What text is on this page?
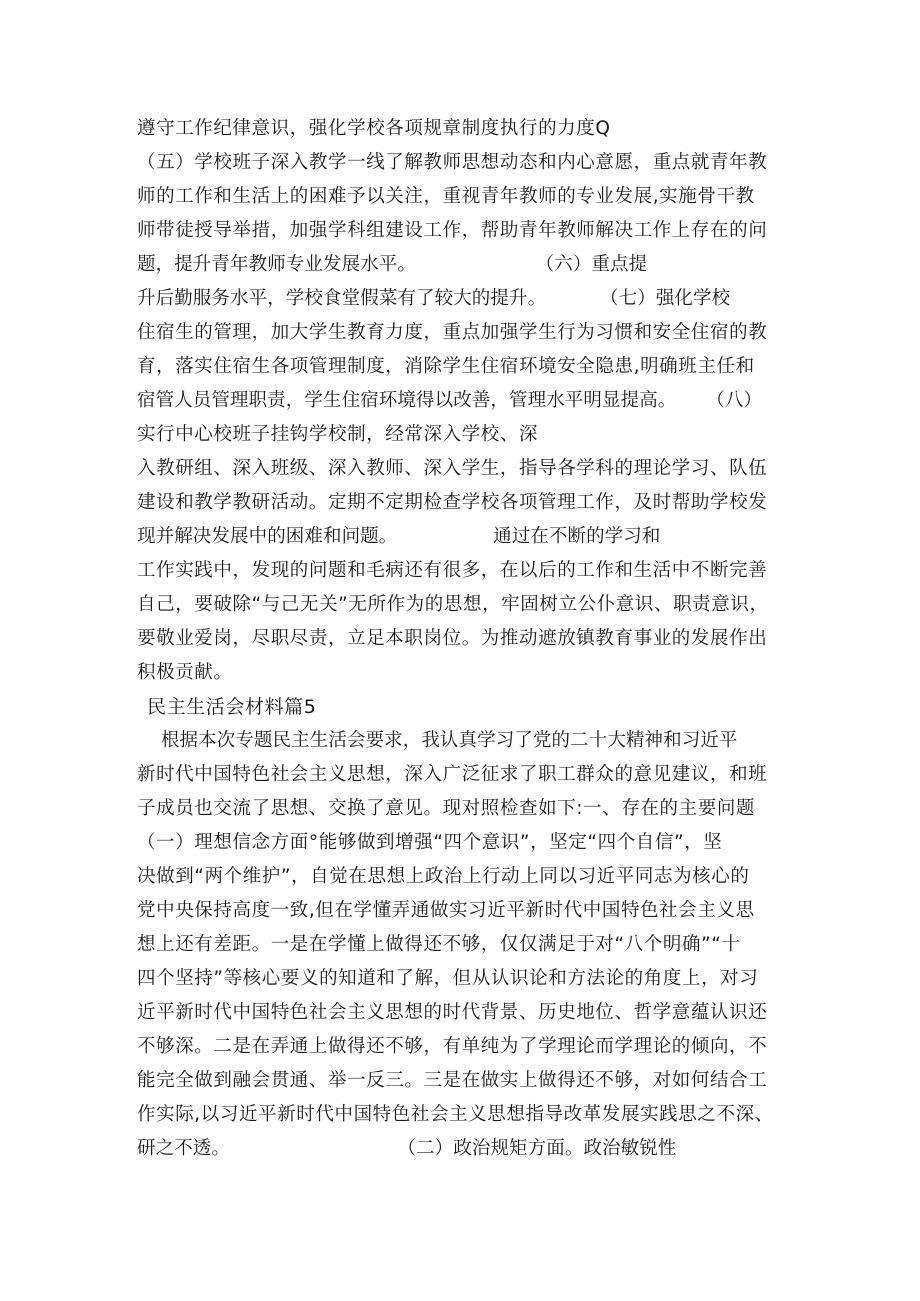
遵守工作纪律意识，强化学校各项规章制度执行的力度Q
（五）学校班子深入教学一线了解教师思想动态和内心意愿，重点就青年教
师的工作和生活上的困难予以关注，重视青年教师的专业发展,实施骨干教
师带徒授导举措，加强学科组建设工作，帮助青年教师解决工作上存在的问
题，提升青年教师专业发展水平。                    （六）重点提
升后勤服务水平，学校食堂假菜有了较大的提升。         （七）强化学校
住宿生的管理，加大学生教育力度，重点加强学生行为习惯和安全住宿的教
育，落实住宿生各项管理制度，消除学生住宿环境安全隐患,明确班主任和
宿管人员管理职责，学生住宿环境得以改善，管理水平明显提高。     （八）
实行中心校班子挂钩学校制，经常深入学校、深
入教研组、深入班级、深入教师、深入学生，指导各学科的理论学习、队伍
建设和教学教研活动。定期不定期检查学校各项管理工作，及时帮助学校发
现并解决发展中的困难和问题。                通过在不断的学习和
工作实践中，发现的问题和毛病还有很多，在以后的工作和生活中不断完善
自己，要破除“与己无关”无所作为的思想，牢固树立公仆意识、职责意识，
要敬业爱岗，尽职尽责，立足本职岗位。为推动遮放镇教育事业的发展作出
积极贡献。
民主生活会材料篇5
根据本次专题民主生活会要求，我认真学习了党的二十大精神和习近平
新时代中国特色社会主义思想，深入广泛征求了职工群众的意见建议，和班
子成员也交流了思想、交换了意见。现对照检查如下:一、存在的主要问题
（一）理想信念方面°能够做到增强“四个意识”，坚定“四个自信”，坚
决做到“两个维护”，自觉在思想上政治上行动上同以习近平同志为核心的
党中央保持高度一致,但在学懂弄通做实习近平新时代中国特色社会主义思
想上还有差距。一是在学懂上做得还不够，仅仅满足于对“八个明确”“十
四个坚持”等核心要义的知道和了解，但从认识论和方法论的角度上，对习
近平新时代中国特色社会主义思想的时代背景、历史地位、哲学意蕴认识还
不够深。二是在弄通上做得还不够，有单纯为了学理论而学理论的倾向，不
能完全做到融会贯通、举一反三。三是在做实上做得还不够，对如何结合工
作实际,以习近平新时代中国特色社会主义思想指导改革发展实践思之不深、
研之不透。                            （二）政治规矩方面。政治敏锐性
